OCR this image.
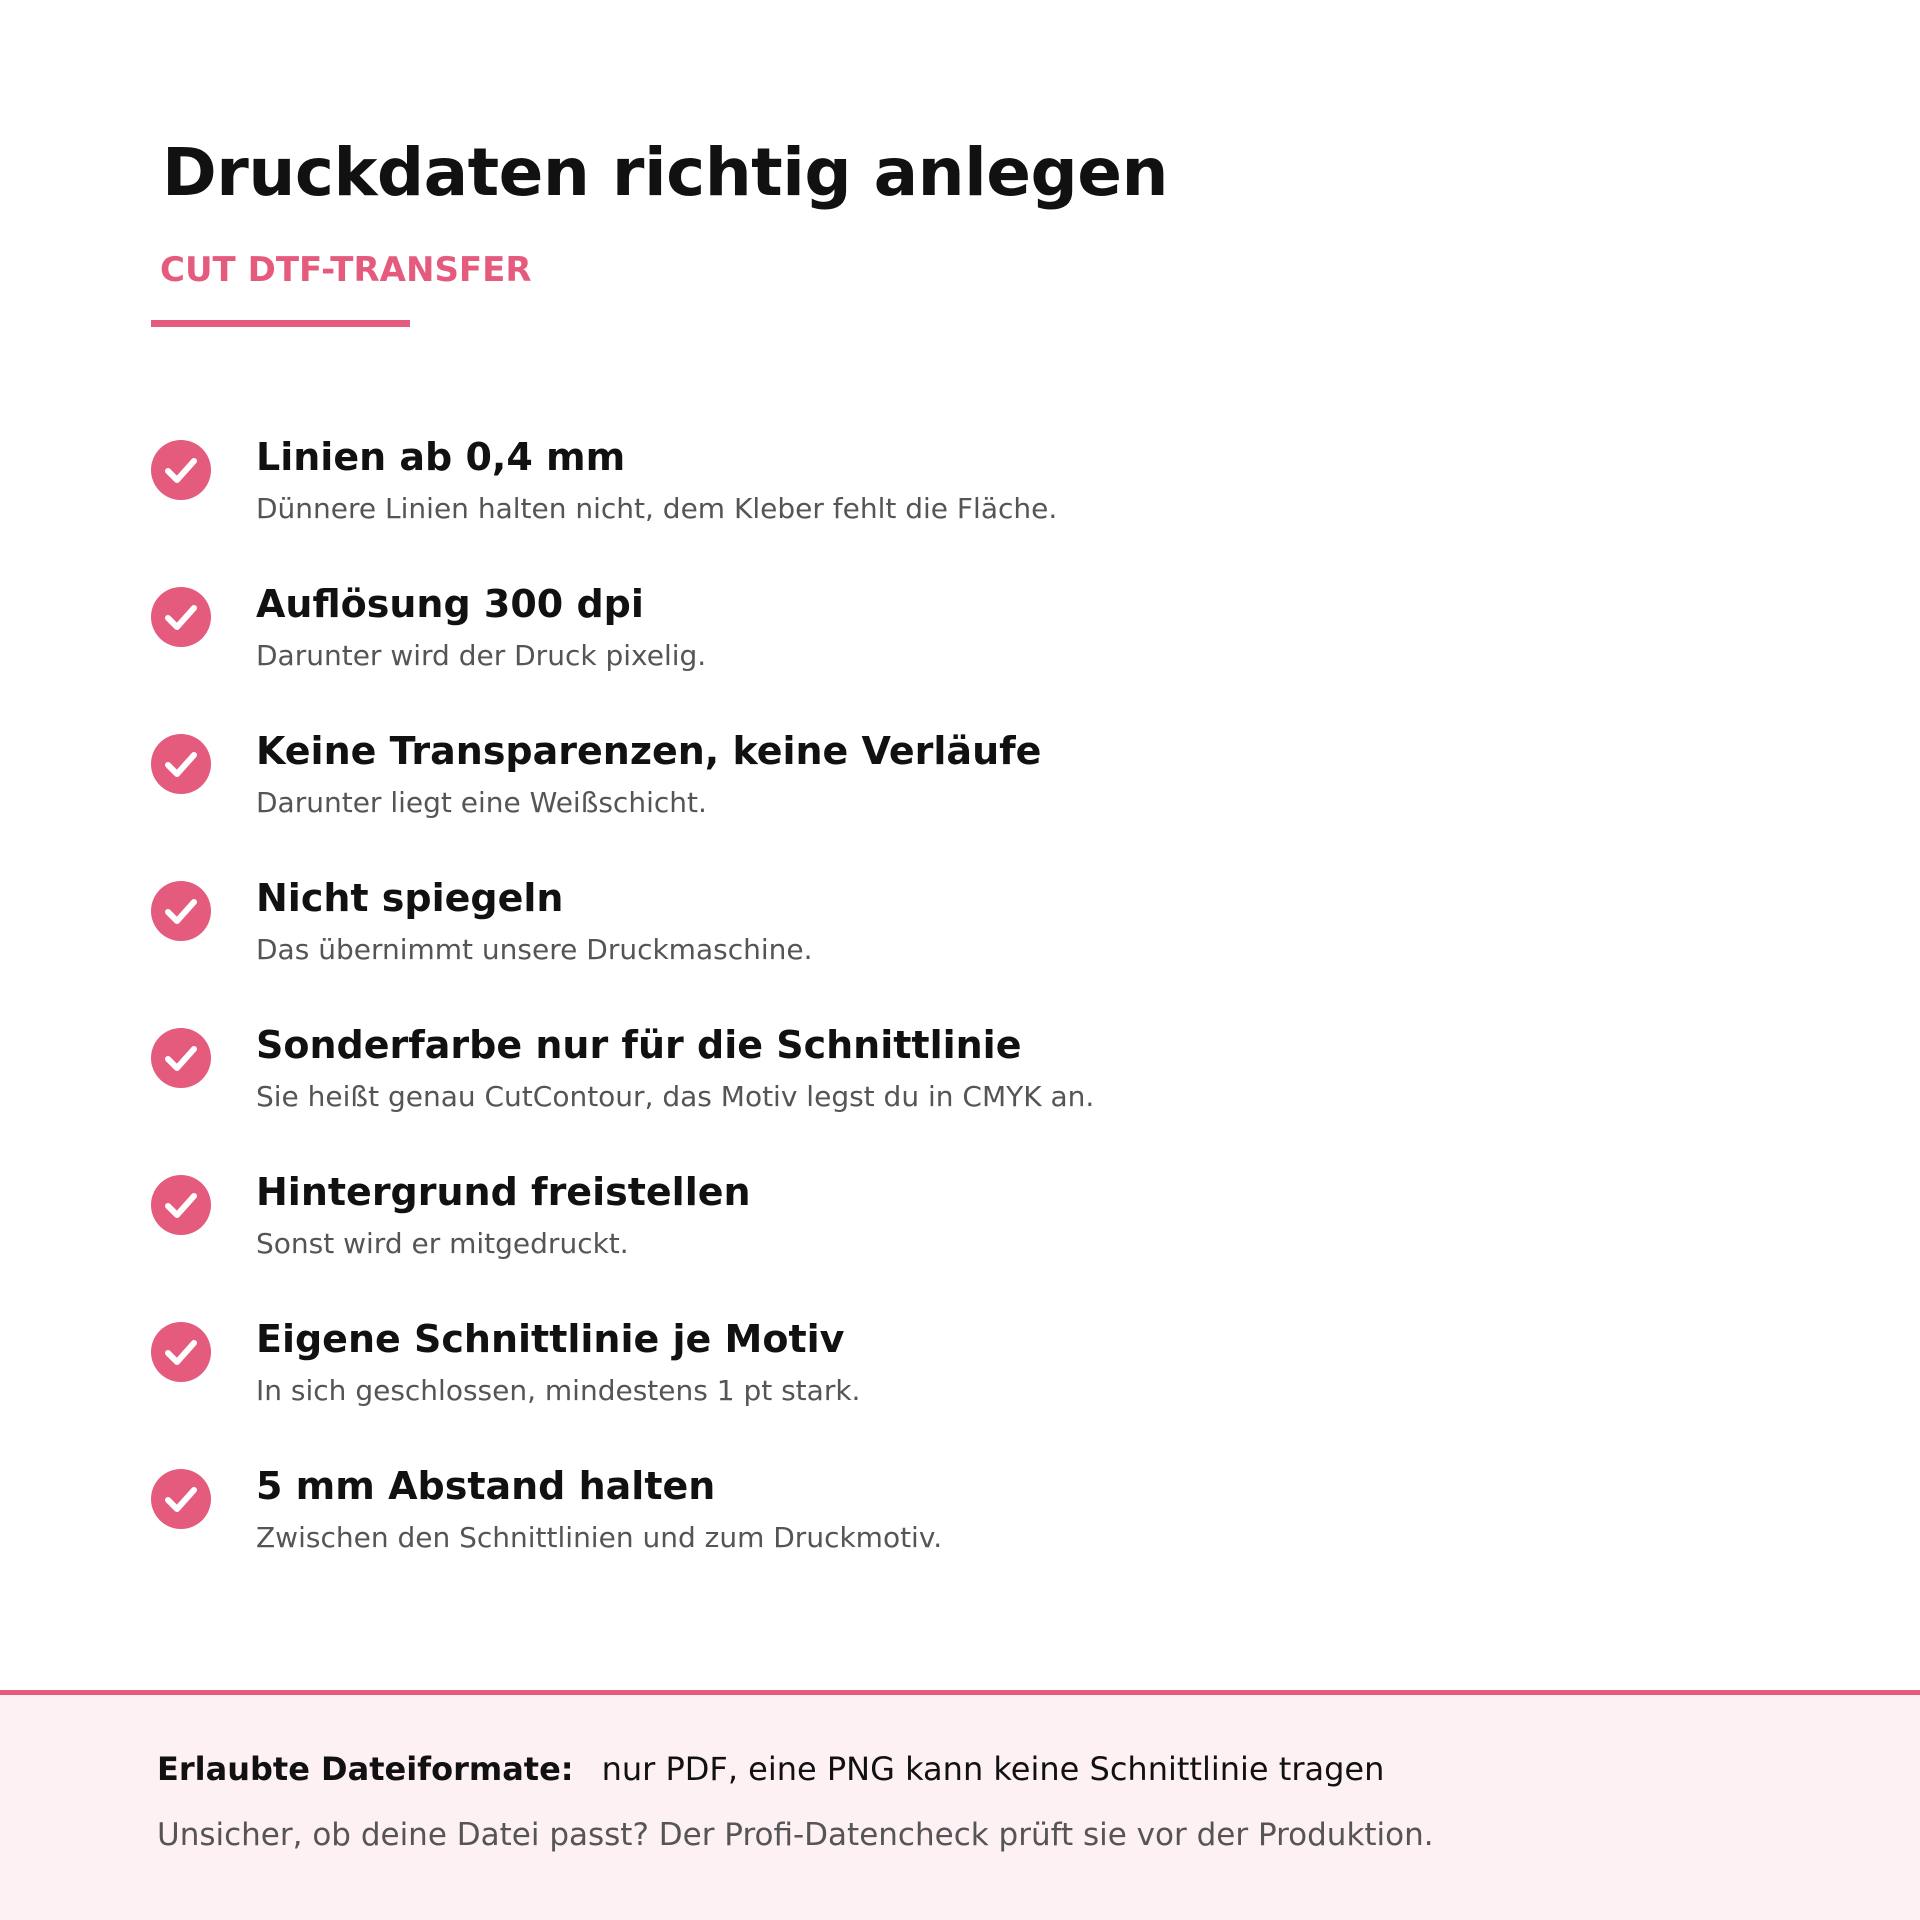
Druckdaten richtig anlegen
CUT DTF-TRANSFER
Linien ab 0,4 mm
Dünnere Linien halten nicht, dem Kleber fehlt die Fläche.
Auflösung 300 dpi
Darunter wird der Druck pixelig.
Keine Transparenzen, keine Verläufe
Darunter liegt eine Weißschicht.
Nicht spiegeln
Das übernimmt unsere Druckmaschine.
Sonderfarbe nur für die Schnittlinie
Sie heißt genau CutContour, das Motiv legst du in CMYK an.
Hintergrund freistellen
Sonst wird er mitgedruckt.
Eigene Schnittlinie je Motiv
In sich geschlossen, mindestens 1 pt stark.
5 mm Abstand halten
Zwischen den Schnittlinien und zum Druckmotiv.
Erlaubte Dateiformate: nur PDF, eine PNG kann keine Schnittlinie tragen
Unsicher, ob deine Datei passt? Der Profi-Datencheck prüft sie vor der Produktion.
